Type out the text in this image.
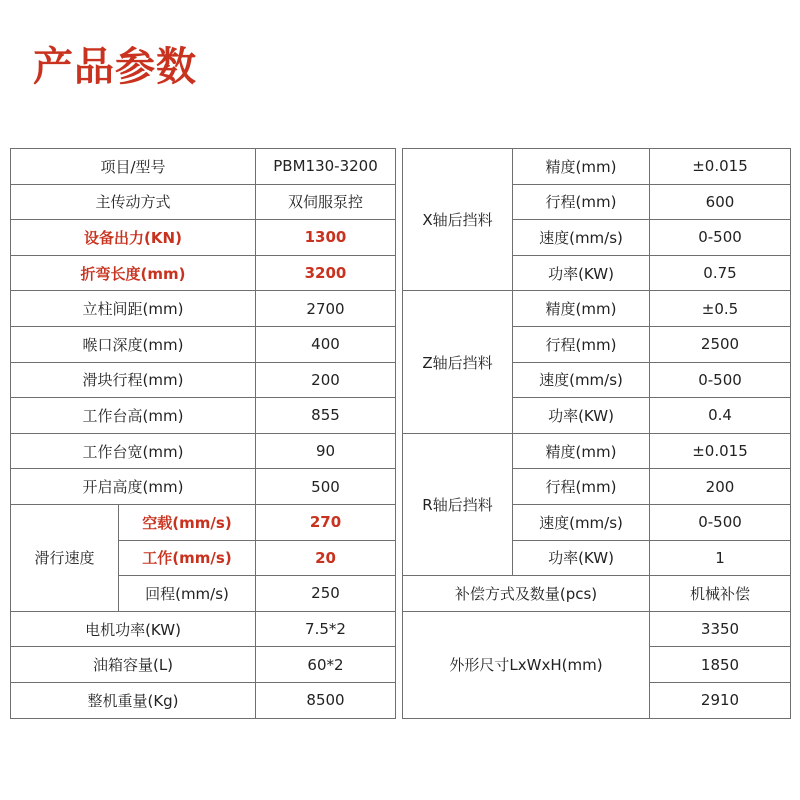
产品参数
项目/型号		PBM130-3200
主传动方式		双伺服泵控
设备出力(KN)		1300
折弯长度(mm)		3200
立柱间距(mm)		2700
喉口深度(mm)		400
滑块行程(mm)		200
工作台高(mm)		855
工作台宽(mm)		90
开启高度(mm)		500
滑行速度	空载(mm/s)	270
	工作(mm/s)	20
	回程(mm/s)	250
电机功率(KW)		7.5*2
油箱容量(L)		60*2
整机重量(Kg)		8500
X轴后挡料	精度(mm)	±0.015
	行程(mm)	600
	速度(mm/s)	0-500
	功率(KW)	0.75
Z轴后挡料	精度(mm)	±0.5
	行程(mm)	2500
	速度(mm/s)	0-500
	功率(KW)	0.4
R轴后挡料	精度(mm)	±0.015
	行程(mm)	200
	速度(mm/s)	0-500
	功率(KW)	1
补偿方式及数量(pcs)		机械补偿
外形尺寸LxWxH(mm)		3350
		1850
		2910
